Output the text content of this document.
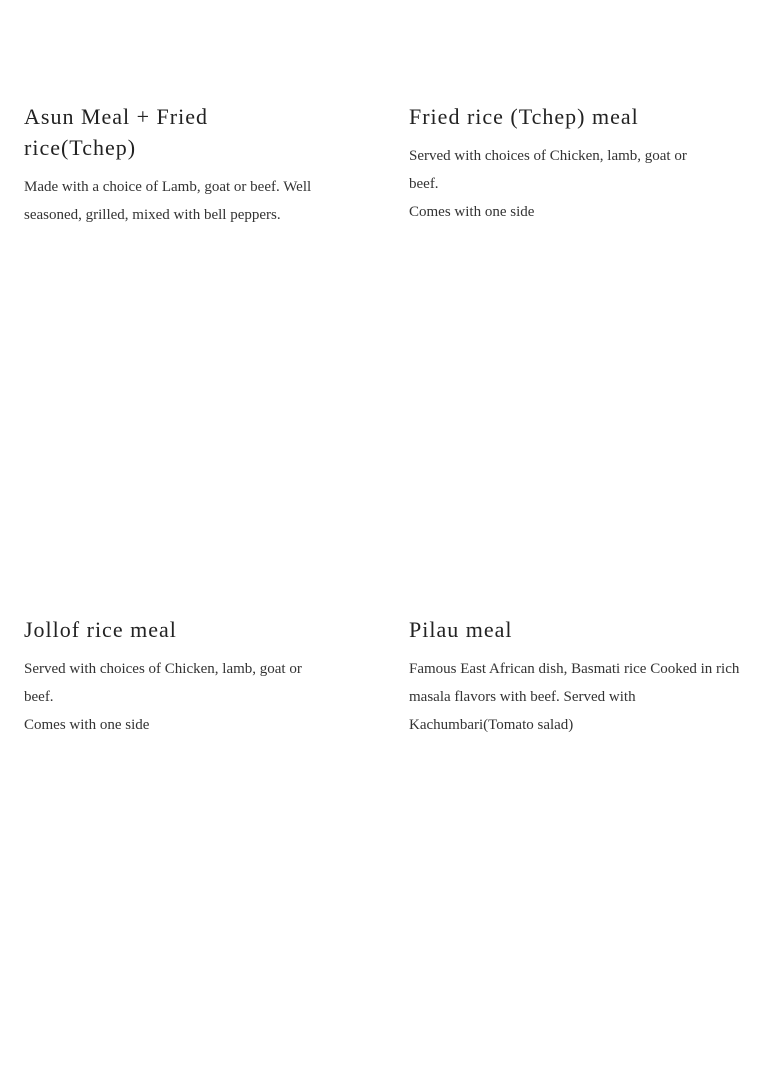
Asun Meal + Fried
rice(Tchep)

Made with a choice of Lamb, goat or beef. Well seasoned, grilled, mixed with bell peppers.

Fried rice (Tchep) meal

Served with choices of Chicken, lamb, goat or beef.
Comes with one side

Jollof rice meal

Served with choices of Chicken, lamb, goat or beef.
Comes with one side

Pilau meal

Famous East African dish, Basmati rice Cooked in rich masala flavors with beef. Served with Kachumbari(Tomato salad)
